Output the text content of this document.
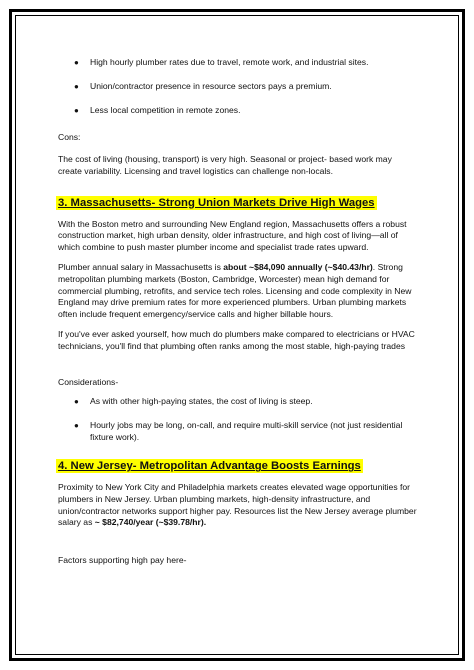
● High hourly plumber rates due to travel, remote work, and industrial sites.
● Union/contractor presence in resource sectors pays a premium.
● Less local competition in remote zones.

Cons:

The cost of living (housing, transport) is very high. Seasonal or project- based work may create variability. Licensing and travel logistics can challenge non-locals.

3. Massachusetts- Strong Union Markets Drive High Wages

With the Boston metro and surrounding New England region, Massachusetts offers a robust construction market, high urban density, older infrastructure, and high cost of living—all of which combine to push master plumber income and specialist trade rates upward.

Plumber annual salary in Massachusetts is about ~$84,090 annually (~$40.43/hr). Strong metropolitan plumbing markets (Boston, Cambridge, Worcester) mean high demand for commercial plumbing, retrofits, and service tech roles. Licensing and code complexity in New England may drive premium rates for more experienced plumbers. Urban plumbing markets often include frequent emergency/service calls and higher billable hours.

If you've ever asked yourself, how much do plumbers make compared to electricians or HVAC technicians, you'll find that plumbing often ranks among the most stable, high-paying trades

Considerations-

● As with other high-paying states, the cost of living is steep.
● Hourly jobs may be long, on-call, and require multi-skill service (not just residential fixture work).
4. New Jersey- Metropolitan Advantage Boosts Earnings

Proximity to New York City and Philadelphia markets creates elevated wage opportunities for plumbers in New Jersey. Urban plumbing markets, high-density infrastructure, and union/contractor networks support higher pay. Resources list the New Jersey average plumber salary as ~ $82,740/year (~$39.78/hr).

Factors supporting high pay here-
